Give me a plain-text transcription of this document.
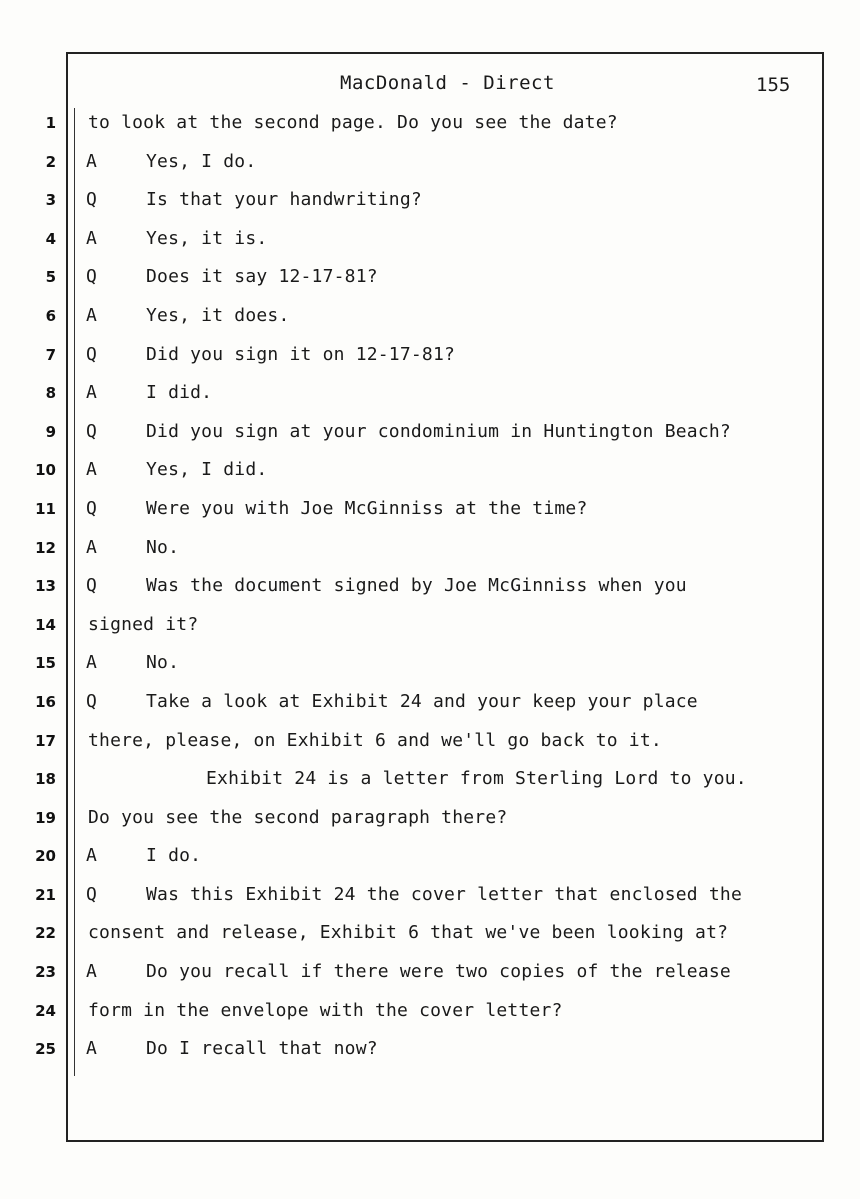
MacDonald - Direct	155
1 to look at the second page. Do you see the date?
2 A	Yes, I do.
3 Q	Is that your handwriting?
4 A	Yes, it is.
5 Q	Does it say 12-17-81?
6 A	Yes, it does.
7 Q	Did you sign it on 12-17-81?
8 A	I did.
9 Q	Did you sign at your condominium in Huntington Beach?
10 A	Yes, I did.
11 Q	Were you with Joe McGinniss at the time?
12 A	No.
13 Q	Was the document signed by Joe McGinniss when you
14 signed it?
15 A	No.
16 Q	Take a look at Exhibit 24 and your keep your place
17 there, please, on Exhibit 6 and we'll go back to it.
18	Exhibit 24 is a letter from Sterling Lord to you.
19 Do you see the second paragraph there?
20 A	I do.
21 Q	Was this Exhibit 24 the cover letter that enclosed the
22 consent and release, Exhibit 6 that we've been looking at?
23 A	Do you recall if there were two copies of the release
24 form in the envelope with the cover letter?
25 A	Do I recall that now?
